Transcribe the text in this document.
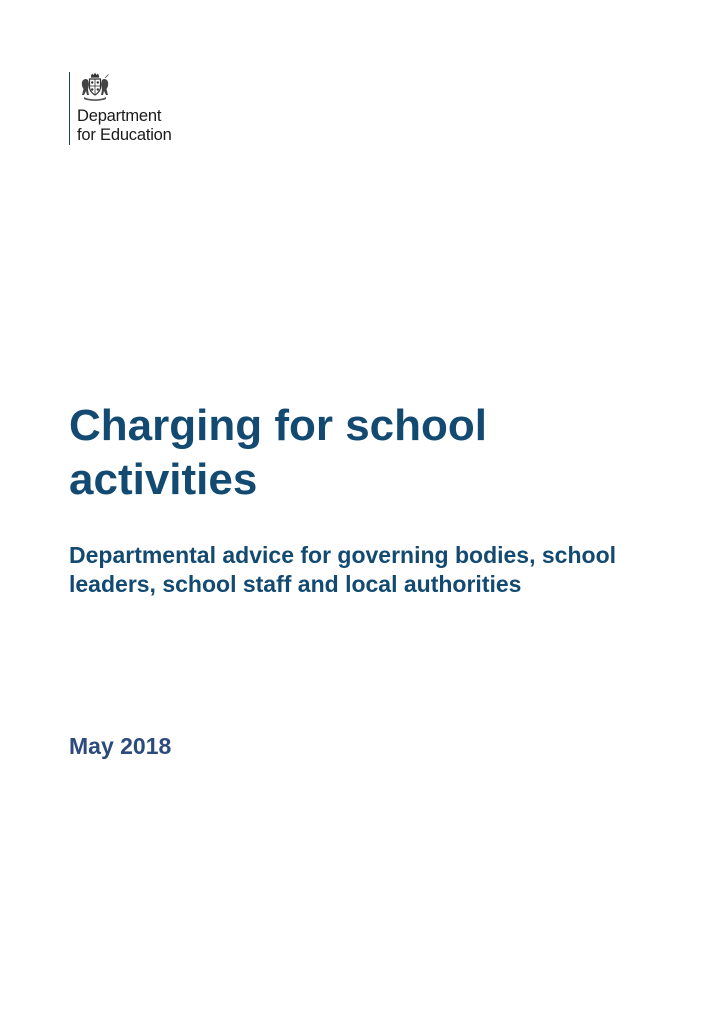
Department
for Education
Charging for school activities
Departmental advice for governing bodies, school leaders, school staff and local authorities
May 2018
